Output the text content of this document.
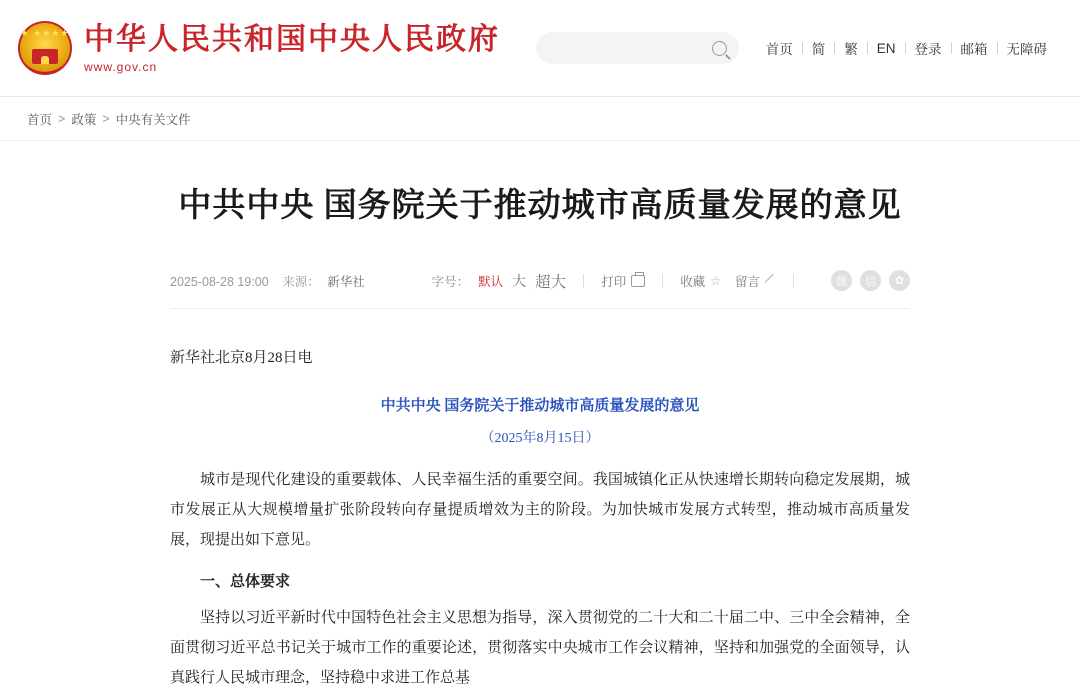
★ ★★★★ 中华人民共和国中央人民政府
www.gov.cn
首页	简	繁	EN	登录	邮箱	无障碍
首页 > 政策 > 中央有关文件
中共中央 国务院关于推动城市高质量发展的意见
2025-08-28 19:00 来源： 新华社	字号： 默认 大 超大	打印	收藏 ☆ 留言	微	信	✿

新华社北京8月28日电

中共中央 国务院关于推动城市高质量发展的意见

（2025年8月15日）

城市是现代化建设的重要载体、人民幸福生活的重要空间。我国城镇化正从快速增长期转向稳定发展期，城市发展正从大规模增量扩张阶段转向存量提质增效为主的阶段。为加快城市发展方式转型，推动城市高质量发展，现提出如下意见。

一、总体要求

坚持以习近平新时代中国特色社会主义思想为指导，深入贯彻党的二十大和二十届二中、三中全会精神，全面贯彻习近平总书记关于城市工作的重要论述，贯彻落实中央城市工作会议精神，坚持和加强党的全面领导，认真践行人民城市理念，坚持稳中求进工作总基
